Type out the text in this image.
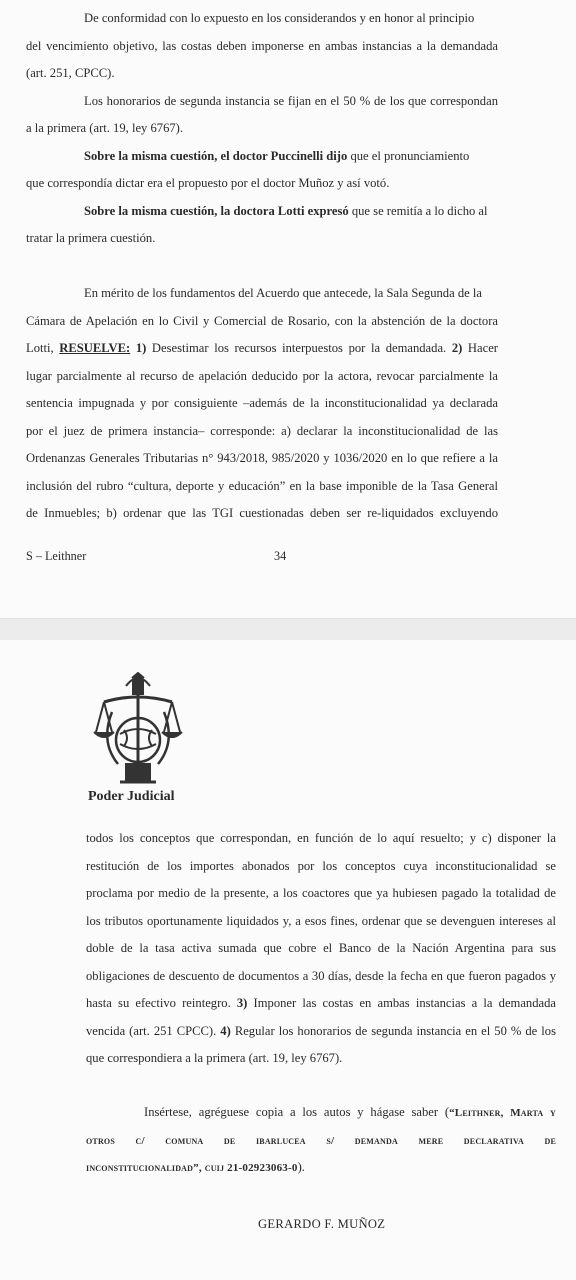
De conformidad con lo expuesto en los considerandos y en honor al principio
del vencimiento objetivo, las costas deben imponerse en ambas instancias a la demandada
(art. 251, CPCC).
Los honorarios de segunda instancia se fijan en el 50 % de los que correspondan
a la primera (art. 19, ley 6767).
Sobre la misma cuestión, el doctor Puccinelli dijo que el pronunciamiento
que correspondía dictar era el propuesto por el doctor Muñoz y así votó.
Sobre la misma cuestión, la doctora Lotti expresó que se remitía a lo dicho al
tratar la primera cuestión.
En mérito de los fundamentos del Acuerdo que antecede, la Sala Segunda de la
Cámara de Apelación en lo Civil y Comercial de Rosario, con la abstención de la doctora
Lotti, RESUELVE: 1) Desestimar los recursos interpuestos por la demandada. 2) Hacer
lugar parcialmente al recurso de apelación deducido por la actora, revocar parcialmente la
sentencia impugnada y por consiguiente –además de la inconstitucionalidad ya declarada
por el juez de primera instancia– corresponde: a) declarar la inconstitucionalidad de las
Ordenanzas Generales Tributarias n° 943/2018, 985/2020 y 1036/2020 en lo que refiere a la
inclusión del rubro “cultura, deporte y educación” en la base imponible de la Tasa General
de Inmuebles; b) ordenar que las TGI cuestionadas deben ser re-liquidados excluyendo
S – Leithner	34
Poder Judicial
todos los conceptos que correspondan, en función de lo aquí resuelto; y c) disponer la
restitución de los importes abonados por los conceptos cuya inconstitucionalidad se
proclama por medio de la presente, a los coactores que ya hubiesen pagado la totalidad de
los tributos oportunamente liquidados y, a esos fines, ordenar que se devenguen intereses al
doble de la tasa activa sumada que cobre el Banco de la Nación Argentina para sus
obligaciones de descuento de documentos a 30 días, desde la fecha en que fueron pagados y
hasta su efectivo reintegro. 3) Imponer las costas en ambas instancias a la demandada
vencida (art. 251 CPCC). 4) Regular los honorarios de segunda instancia en el 50 % de los
que correspondiera a la primera (art. 19, ley 6767).
Insértese, agréguese copia a los autos y hágase saber (“Leithner, Marta y
otros c/ comuna de ibarlucea s/ demanda mere declarativa de
inconstitucionalidad”, cuij 21-02923063-0).
GERARDO F. MUÑOZ
